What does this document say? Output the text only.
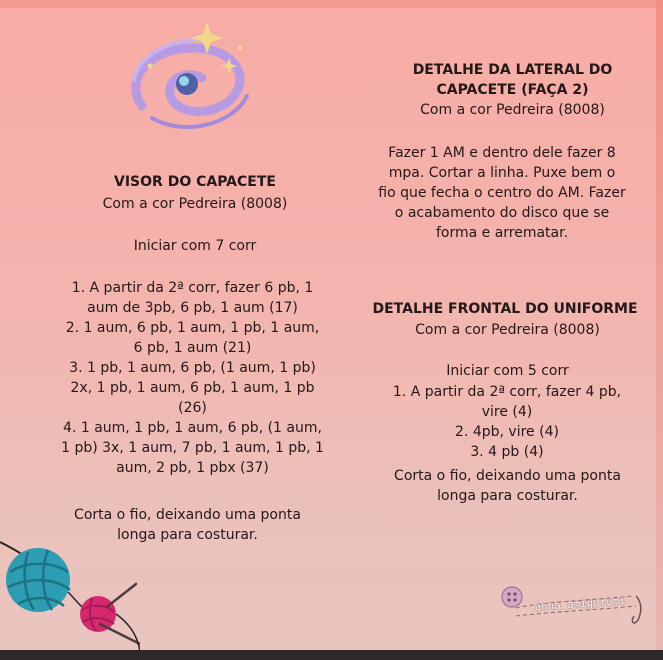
VISOR DO CAPACETE
Com a cor Pedreira (8008)
Iniciar com 7 corr
1. A partir da 2ª corr, fazer 6 pb, 1
aum de 3pb, 6 pb, 1 aum (17)
2. 1 aum, 6 pb, 1 aum, 1 pb, 1 aum,
6 pb, 1 aum (21)
3. 1 pb, 1 aum, 6 pb, (1 aum, 1 pb)
2x, 1 pb, 1 aum, 6 pb, 1 aum, 1 pb
(26)
4. 1 aum, 1 pb, 1 aum, 6 pb, (1 aum,
1 pb) 3x, 1 aum, 7 pb, 1 aum, 1 pb, 1
aum, 2 pb, 1 pbx (37)
Corta o fio, deixando uma ponta
longa para costurar.
DETALHE DA LATERAL DO
CAPACETE (FAÇA 2)
Com a cor Pedreira (8008)
Fazer 1 AM e dentro dele fazer 8
mpa. Cortar a linha. Puxe bem o
fio que fecha o centro do AM. Fazer
o acabamento do disco que se
forma e arrematar.
DETALHE FRONTAL DO UNIFORME
Com a cor Pedreira (8008)
Iniciar com 5 corr
1. A partir da 2ª corr, fazer 4 pb,
vire (4)
2. 4pb, vire (4)
3. 4 pb (4)
Corta o fio, deixando uma ponta
longa para costurar.
anna_amigurumi
